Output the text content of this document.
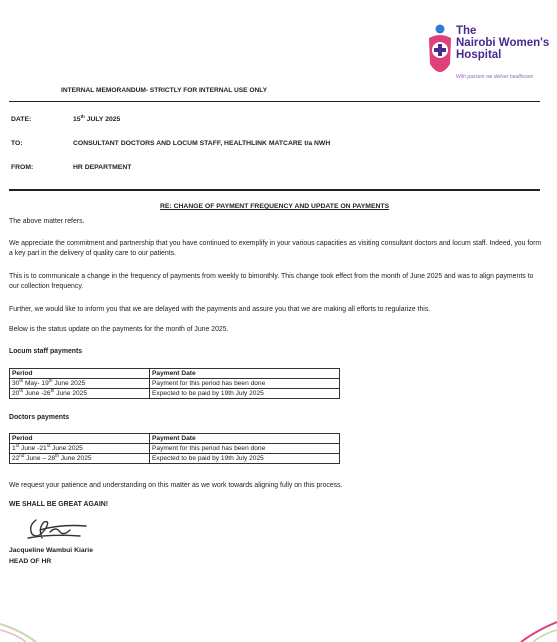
The
Nairobi Women's
Hospital
With passion we deliver healthcare
INTERNAL MEMORANDUM- STRICTLY FOR INTERNAL USE ONLY
DATE:	15th JULY 2025
TO:	CONSULTANT DOCTORS AND LOCUM STAFF, HEALTHLINK MATCARE t/a NWH
FROM:	HR DEPARTMENT
RE: CHANGE OF PAYMENT FREQUENCY AND UPDATE ON PAYMENTS
The above matter refers.
We appreciate the commitment and partnership that you have continued to exemplify in your various capacities as visiting consultant doctors and locum staff. Indeed, you form a key part in the delivery of quality care to our patients.
This is to communicate a change in the frequency of payments from weekly to bimonthly. This change took effect from the month of June 2025 and was to align payments to our collection frequency.
Further, we would like to inform you that we are delayed with the payments and assure you that we are making all efforts to regularize this.
Below is the status update on the payments for the month of June 2025.
Locum staff payments
Period	Payment Date
30th May- 19th June 2025	Payment for this period has been done
20th June -26th June 2025	Expected to be paid by 19th July 2025
Doctors payments
Period	Payment Date
1st June -21st June 2025	Payment for this period has been done
22nd June – 28th June 2025	Expected to be paid by 19th July 2025
We request your patience and understanding on this matter as we work towards aligning fully on this process.
WE SHALL BE GREAT AGAIN!
Jacqueline Wambui Kiarie
HEAD OF HR
